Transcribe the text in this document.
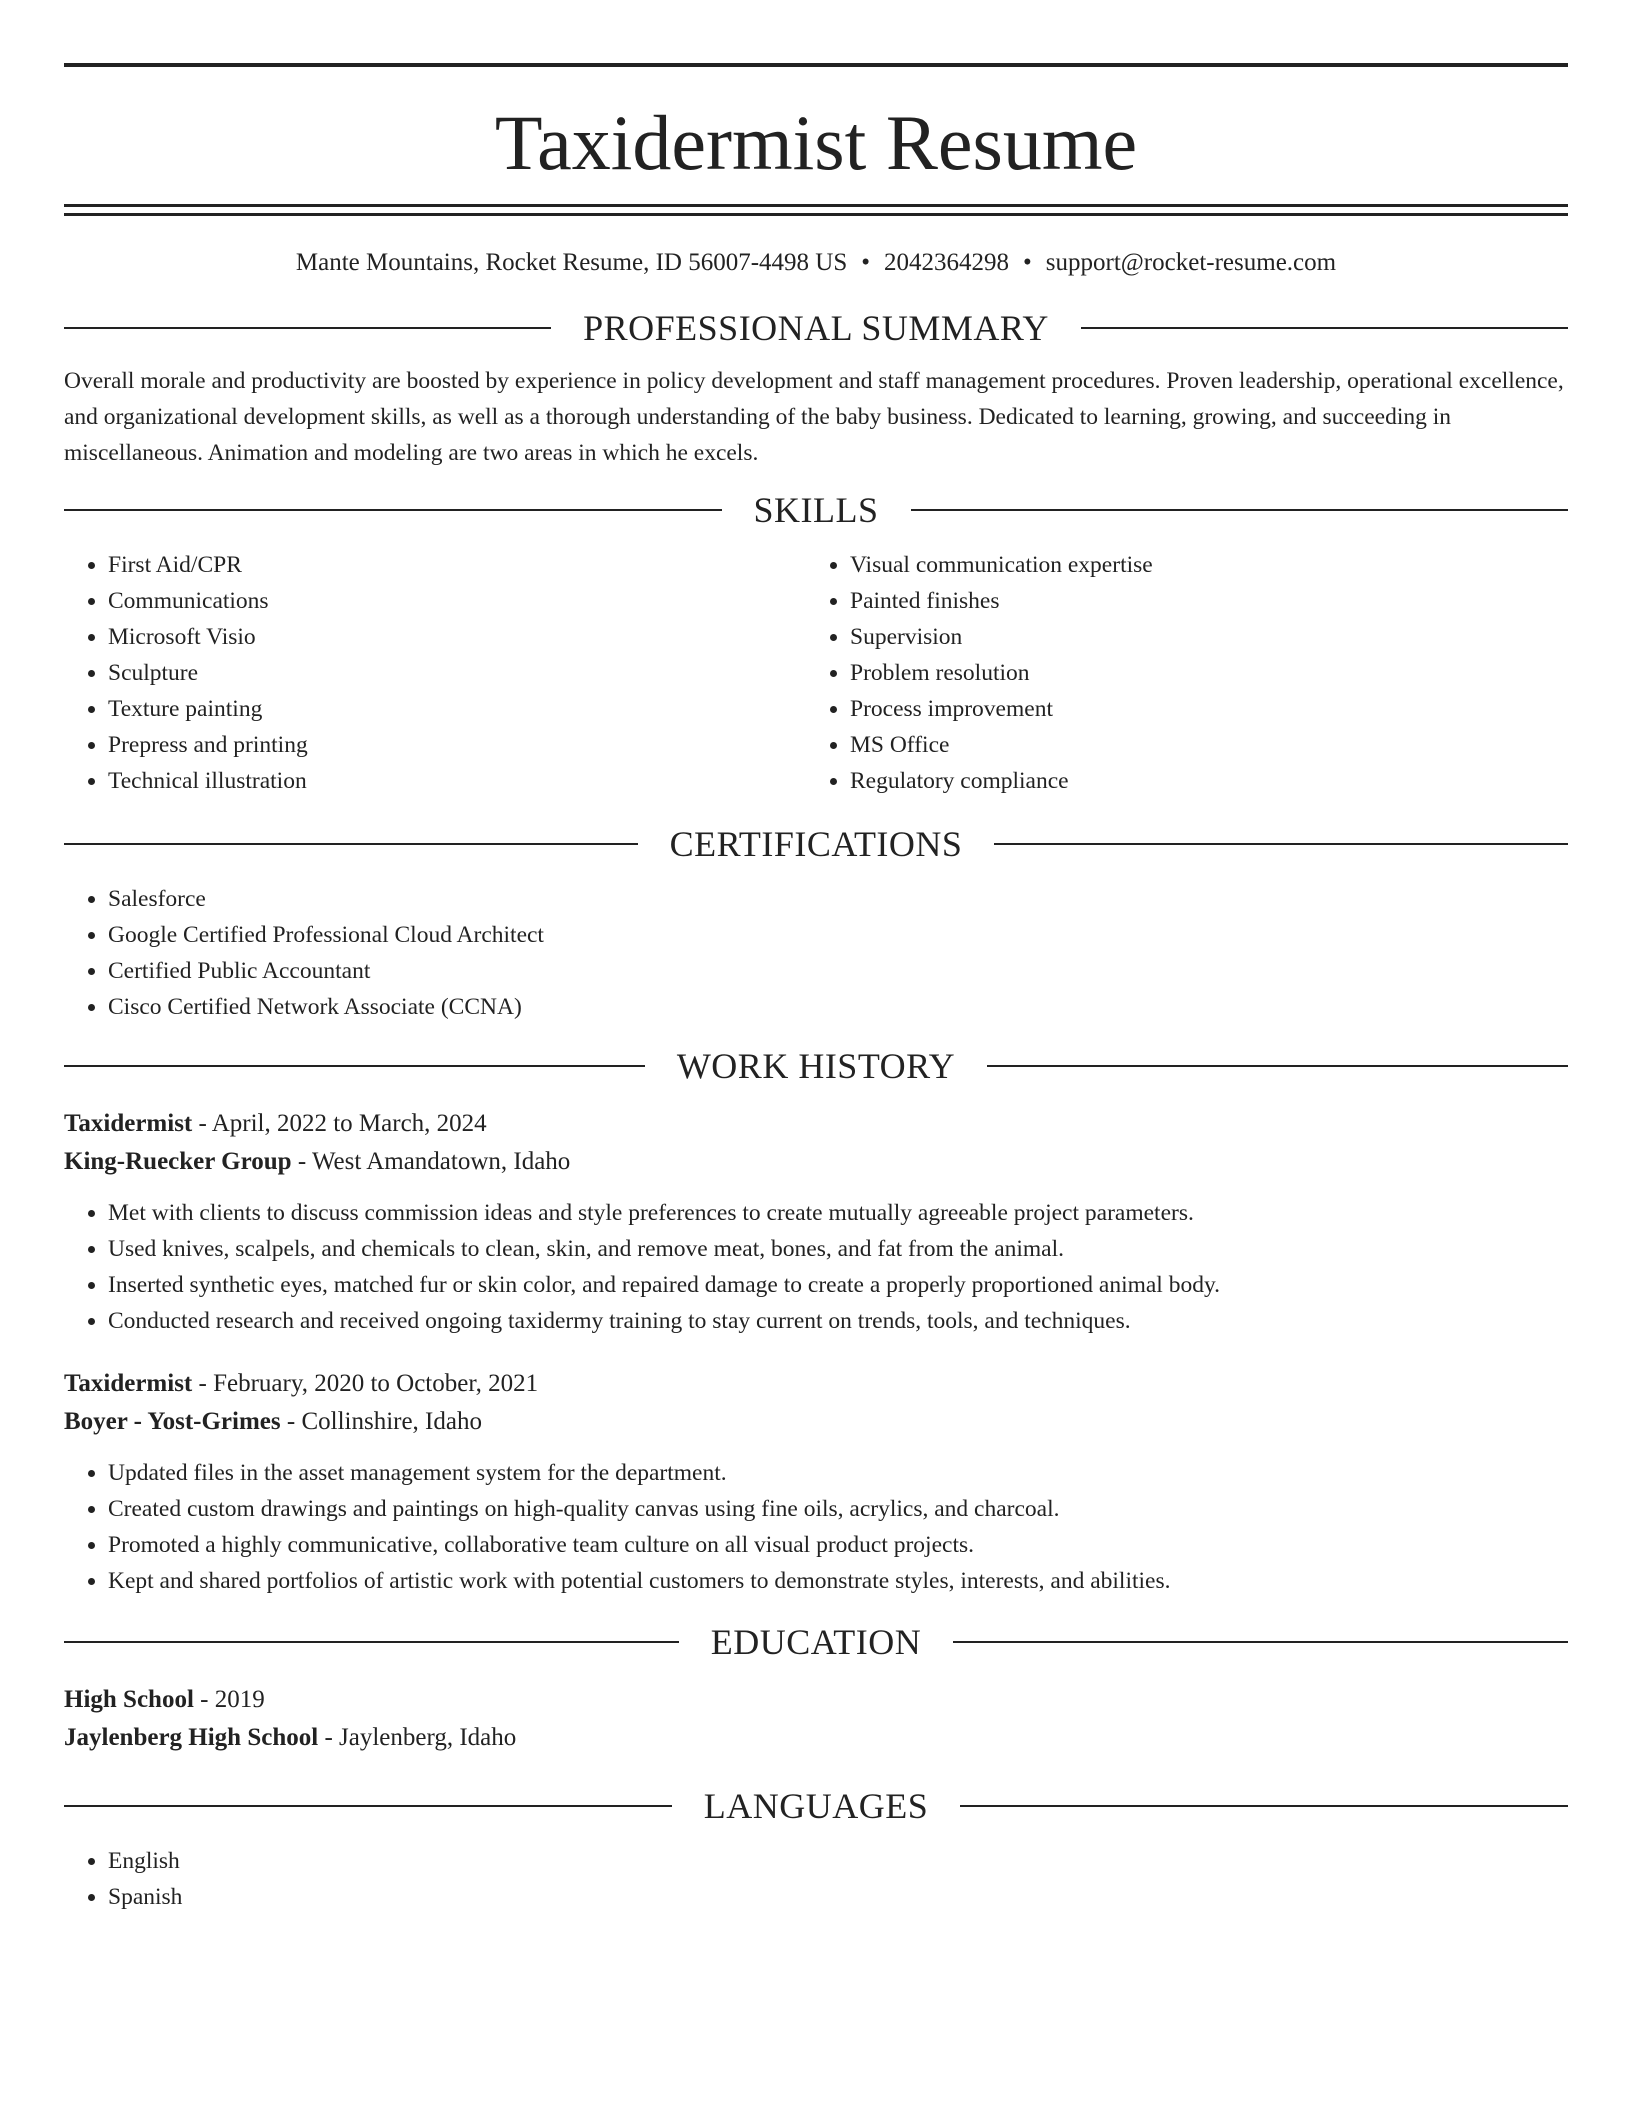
Taxidermist Resume
Mante Mountains, Rocket Resume, ID 56007-4498 US • 2042364298 • support@rocket-resume.com
PROFESSIONAL SUMMARY

Overall morale and productivity are boosted by experience in policy development and staff management procedures. Proven leadership, operational excellence, and organizational development skills, as well as a thorough understanding of the baby business. Dedicated to learning, growing, and succeeding in miscellaneous. Animation and modeling are two areas in which he excels.

SKILLS
• First Aid/CPR
• Communications
• Microsoft Visio
• Sculpture
• Texture painting
• Prepress and printing
• Technical illustration
• Visual communication expertise
• Painted finishes
• Supervision
• Problem resolution
• Process improvement
• MS Office
• Regulatory compliance
CERTIFICATIONS
• Salesforce
• Google Certified Professional Cloud Architect
• Certified Public Accountant
• Cisco Certified Network Associate (CCNA)
WORK HISTORY
Taxidermist - April, 2022 to March, 2024
King-Ruecker Group - West Amandatown, Idaho
• Met with clients to discuss commission ideas and style preferences to create mutually agreeable project parameters.
• Used knives, scalpels, and chemicals to clean, skin, and remove meat, bones, and fat from the animal.
• Inserted synthetic eyes, matched fur or skin color, and repaired damage to create a properly proportioned animal body.
• Conducted research and received ongoing taxidermy training to stay current on trends, tools, and techniques.
Taxidermist - February, 2020 to October, 2021
Boyer - Yost-Grimes - Collinshire, Idaho
• Updated files in the asset management system for the department.
• Created custom drawings and paintings on high-quality canvas using fine oils, acrylics, and charcoal.
• Promoted a highly communicative, collaborative team culture on all visual product projects.
• Kept and shared portfolios of artistic work with potential customers to demonstrate styles, interests, and abilities.
EDUCATION
High School - 2019
Jaylenberg High School - Jaylenberg, Idaho
LANGUAGES
• English
• Spanish
